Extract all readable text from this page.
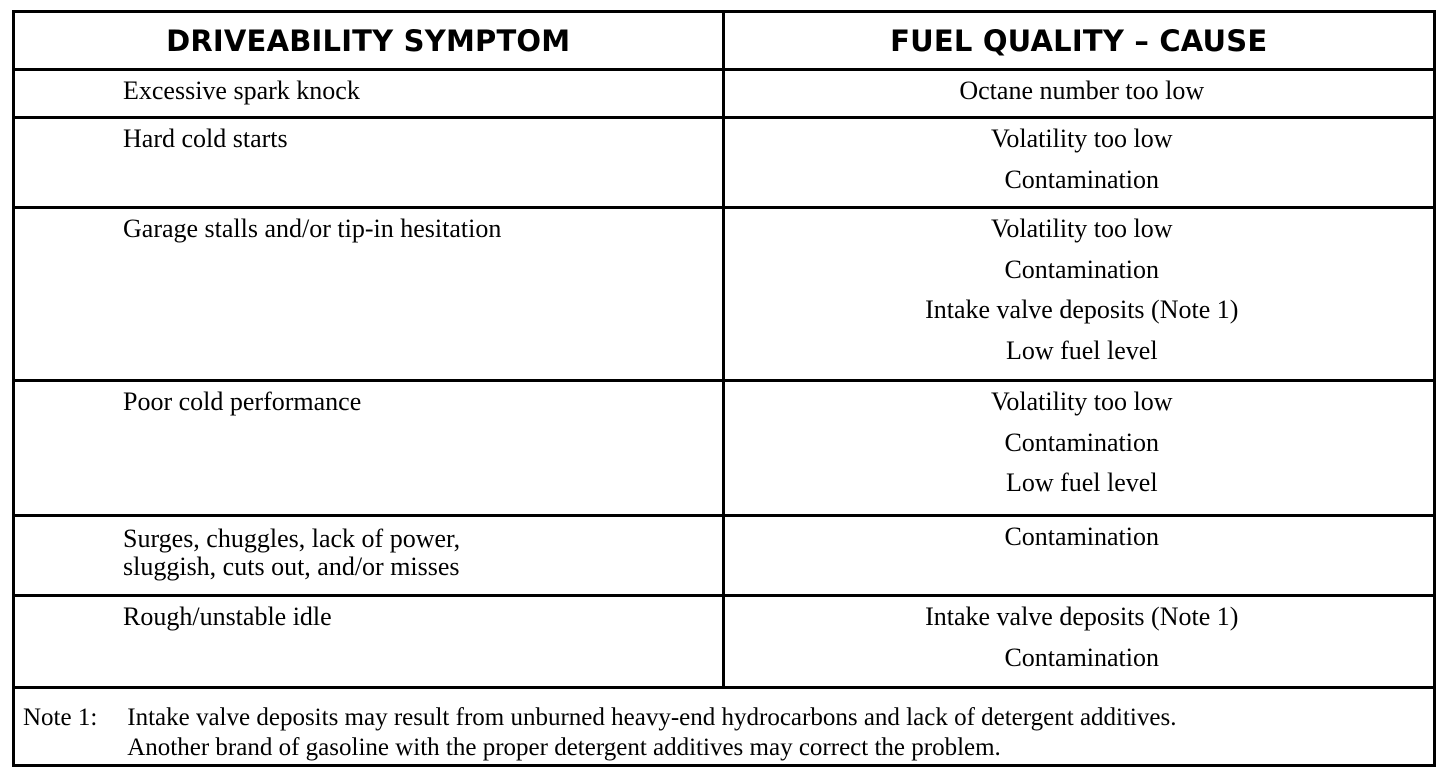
DRIVEABILITY SYMPTOM	FUEL QUALITY – CAUSE

Excessive spark knock	Octane number too low

Hard cold starts	Volatility too low
Contamination

Garage stalls and/or tip-in hesitation	Volatility too low
Contamination
Intake valve deposits (Note 1)
Low fuel level

Poor cold performance	Volatility too low
Contamination
Low fuel level

Surges, chuggles, lack of power,
sluggish, cuts out, and/or misses	Contamination

Rough/unstable idle	Intake valve deposits (Note 1)
Contamination
Note 1: Intake valve deposits may result from unburned heavy-end hydrocarbons and lack of detergent additives.
Another brand of gasoline with the proper detergent additives may correct the problem.
